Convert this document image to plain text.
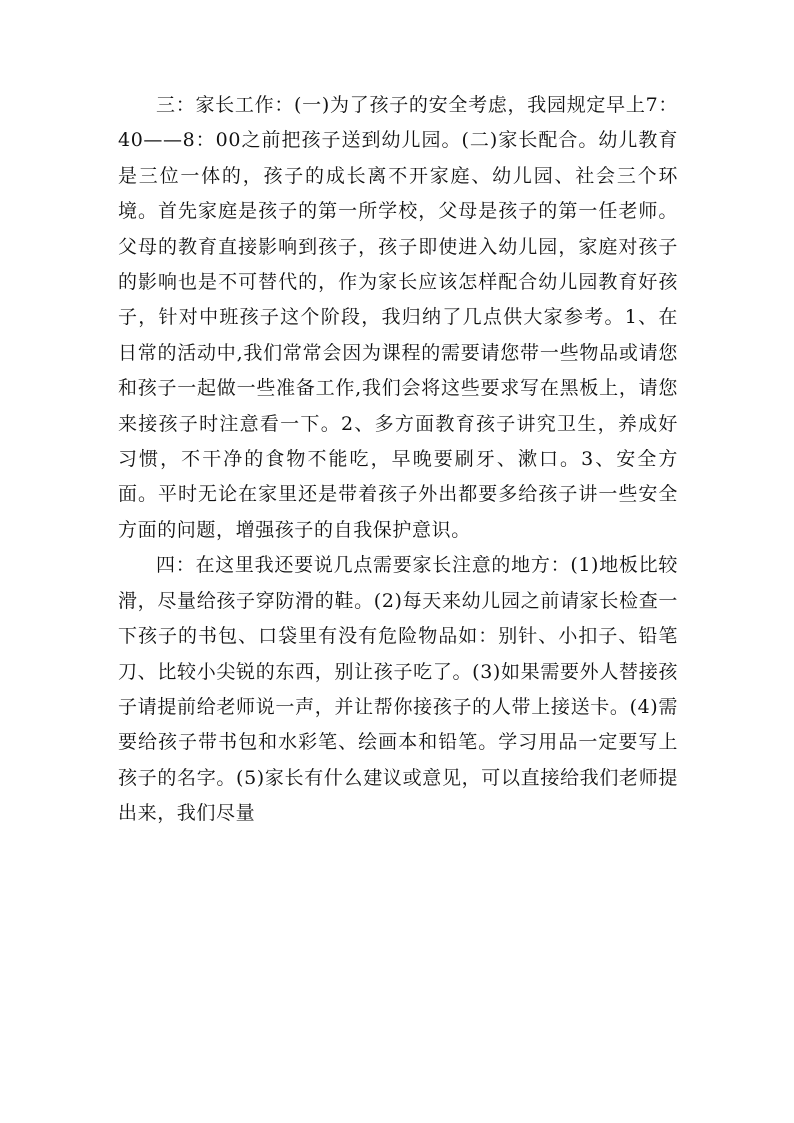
三：家长工作：(一)为了孩子的安全考虑，我园规定早上7：40——8：00之前把孩子送到幼儿园。(二)家长配合。幼儿教育是三位一体的，孩子的成长离不开家庭、幼儿园、社会三个环境。首先家庭是孩子的第一所学校，父母是孩子的第一任老师。父母的教育直接影响到孩子，孩子即使进入幼儿园，家庭对孩子的影响也是不可替代的，作为家长应该怎样配合幼儿园教育好孩子，针对中班孩子这个阶段，我归纳了几点供大家参考。1、在日常的活动中,我们常常会因为课程的需要请您带一些物品或请您和孩子一起做一些准备工作,我们会将这些要求写在黑板上，请您来接孩子时注意看一下。2、多方面教育孩子讲究卫生，养成好习惯，不干净的食物不能吃，早晚要刷牙、漱口。3、安全方面。平时无论在家里还是带着孩子外出都要多给孩子讲一些安全方面的问题，增强孩子的自我保护意识。

四：在这里我还要说几点需要家长注意的地方：(1)地板比较滑，尽量给孩子穿防滑的鞋。(2)每天来幼儿园之前请家长检查一下孩子的书包、口袋里有没有危险物品如：别针、小扣子、铅笔刀、比较小尖锐的东西，别让孩子吃了。(3)如果需要外人替接孩子请提前给老师说一声，并让帮你接孩子的人带上接送卡。(4)需要给孩子带书包和水彩笔、绘画本和铅笔。学习用品一定要写上孩子的名字。(5)家长有什么建议或意见，可以直接给我们老师提出来，我们尽量
